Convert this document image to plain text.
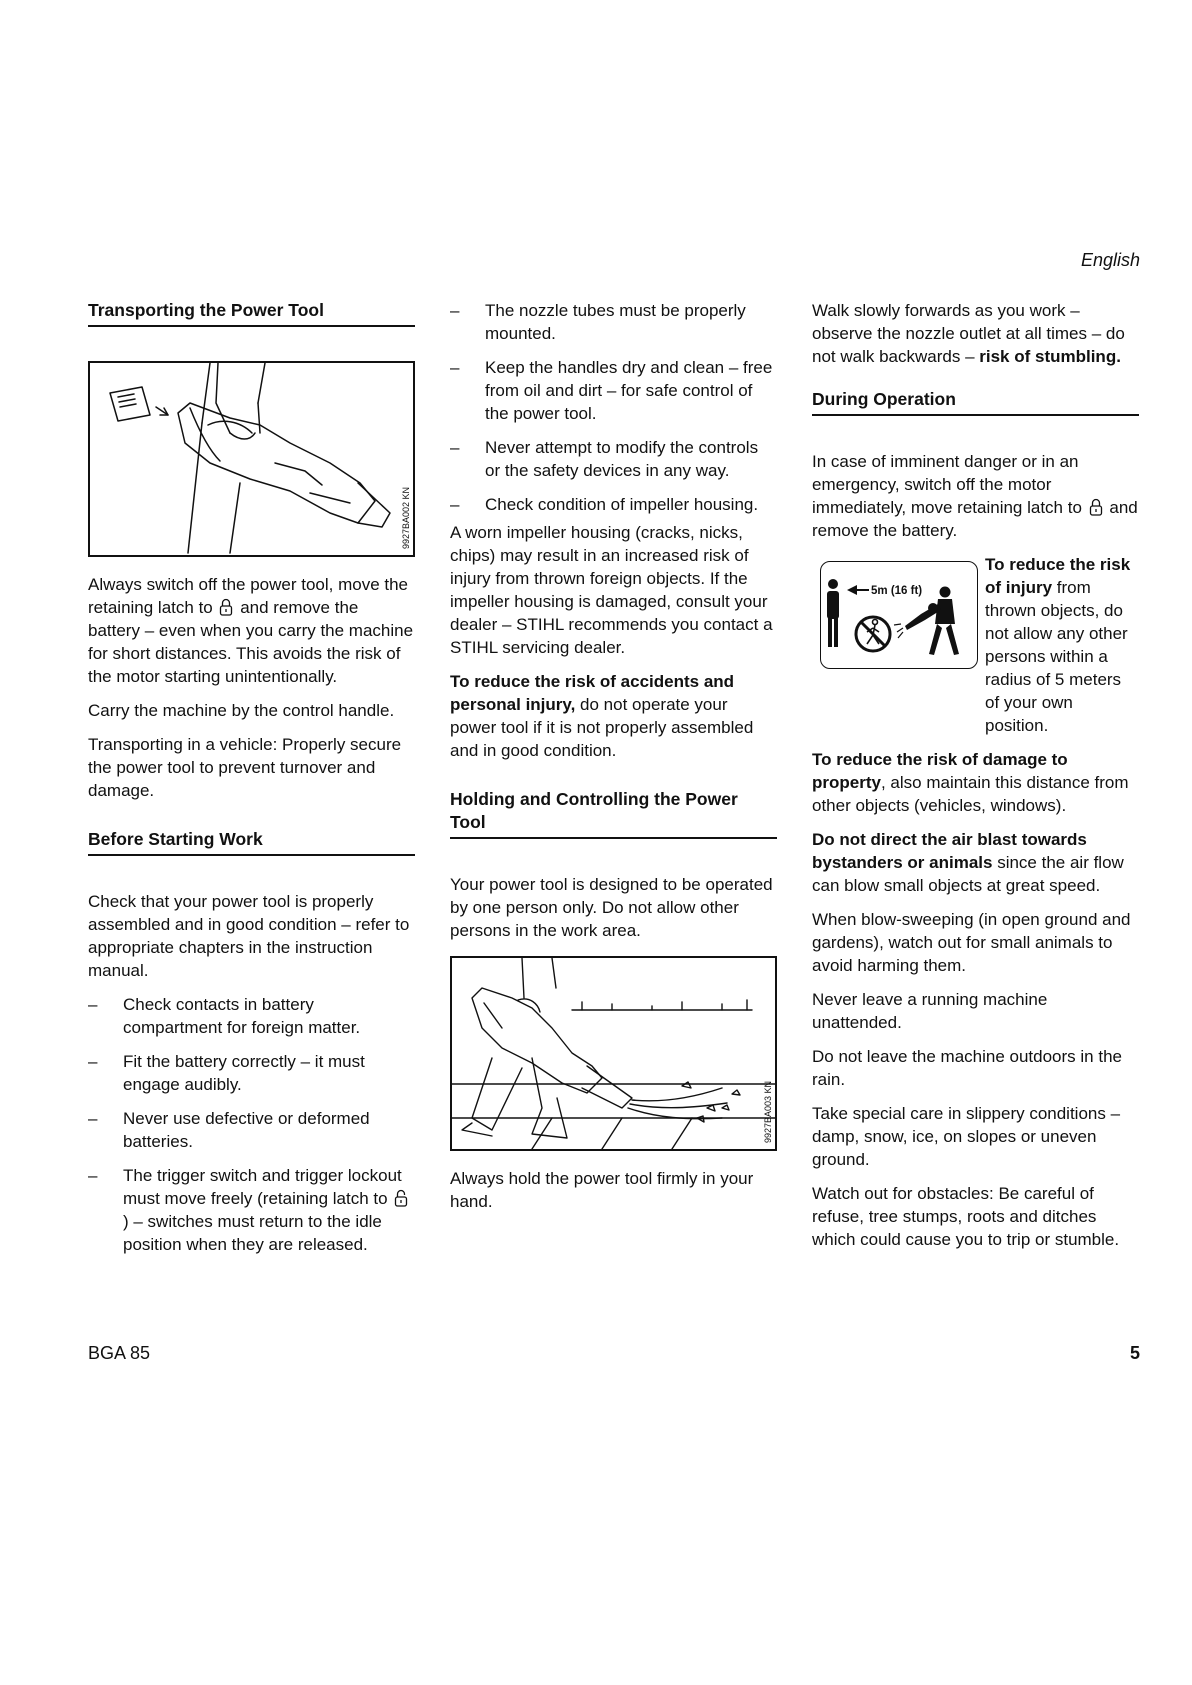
English
Transporting the Power Tool
9927BA002 KN

Always switch off the power tool, move the retaining latch to and remove the battery – even when you carry the machine for short distances. This avoids the risk of the motor starting unintentionally.

Carry the machine by the control handle.

Transporting in a vehicle: Properly secure the power tool to prevent turnover and damage.

Before Starting Work

Check that your power tool is properly assembled and in good condition – refer to appropriate chapters in the instruction manual.

– Check contacts in battery compartment for foreign matter.
– Fit the battery correctly – it must engage audibly.
– Never use defective or deformed batteries.
– The trigger switch and trigger lockout must move freely (retaining latch to ) – switches must return to the idle position when they are released.
– The nozzle tubes must be properly mounted.
– Keep the handles dry and clean – free from oil and dirt – for safe control of the power tool.
– Never attempt to modify the controls or the safety devices in any way.
– Check condition of impeller housing.

A worn impeller housing (cracks, nicks, chips) may result in an increased risk of injury from thrown foreign objects. If the impeller housing is damaged, consult your dealer – STIHL recommends you contact a STIHL servicing dealer.

To reduce the risk of accidents and personal injury, do not operate your power tool if it is not properly assembled and in good condition.

Holding and Controlling the Power Tool

Your power tool is designed to be operated by one person only. Do not allow other persons in the work area.

9927BA003 KN

Always hold the power tool firmly in your hand.

Walk slowly forwards as you work – observe the nozzle outlet at all times – do not walk backwards – risk of stumbling.

During Operation

In case of imminent danger or in an emergency, switch off the motor immediately, move retaining latch to and remove the battery.

5m (16 ft)
To reduce the risk of injury from thrown objects, do not allow any other persons within a radius of 5 meters of your own position.

To reduce the risk of damage to property, also maintain this distance from other objects (vehicles, windows).

Do not direct the air blast towards bystanders or animals since the air flow can blow small objects at great speed.

When blow-sweeping (in open ground and gardens), watch out for small animals to avoid harming them.

Never leave a running machine unattended.

Do not leave the machine outdoors in the rain.

Take special care in slippery conditions – damp, snow, ice, on slopes or uneven ground.

Watch out for obstacles: Be careful of refuse, tree stumps, roots and ditches which could cause you to trip or stumble.

BGA 85	5
